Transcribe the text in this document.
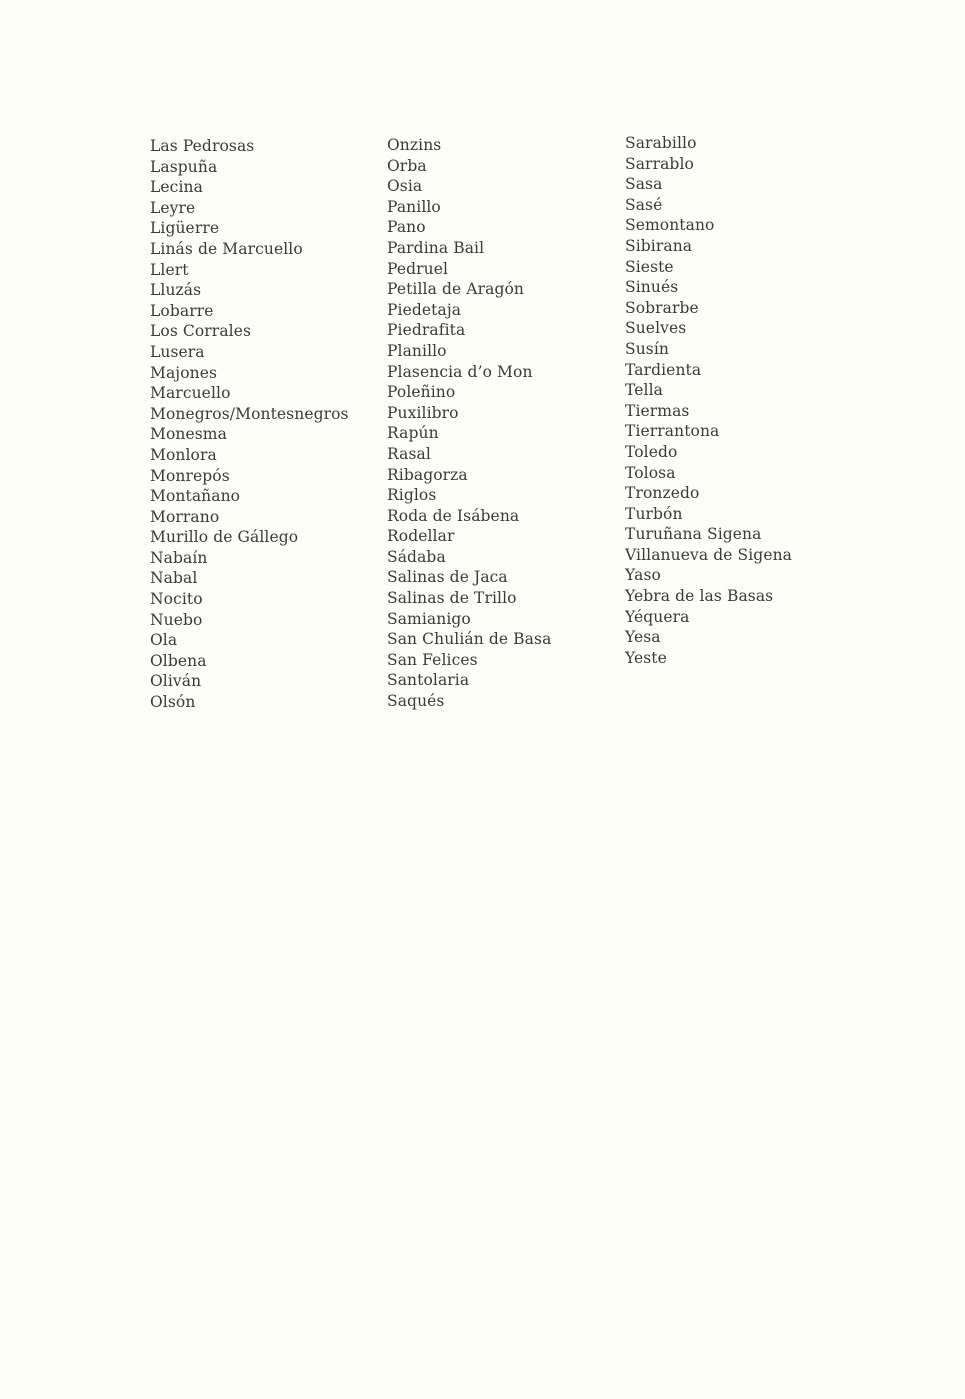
Las Pedrosas
Laspuña
Lecina
Leyre
Ligüerre
Linás de Marcuello
Llert
Lluzás
Lobarre
Los Corrales
Lusera
Majones
Marcuello
Monegros/Montesnegros
Monesma
Monlora
Monrepós
Montañano
Morrano
Murillo de Gállego
Nabaín
Nabal
Nocito
Nuebo
Ola
Olbena
Oliván
Olsón
Onzins
Orba
Osia
Panillo
Pano
Pardina Bail
Pedruel
Petilla de Aragón
Piedetaja
Piedrafita
Planillo
Plasencia d’o Mon
Poleñino
Puxilibro
Rapún
Rasal
Ribagorza
Riglos
Roda de Isábena
Rodellar
Sádaba
Salinas de Jaca
Salinas de Trillo
Samianigo
San Chulián de Basa
San Felices
Santolaria
Saqués
Sarabillo
Sarrablo
Sasa
Sasé
Semontano
Sibirana
Sieste
Sinués
Sobrarbe
Suelves
Susín
Tardienta
Tella
Tiermas
Tierrantona
Toledo
Tolosa
Tronzedo
Turbón
Turuñana Sigena
Villanueva de Sigena
Yaso
Yebra de las Basas
Yéquera
Yesa
Yeste
